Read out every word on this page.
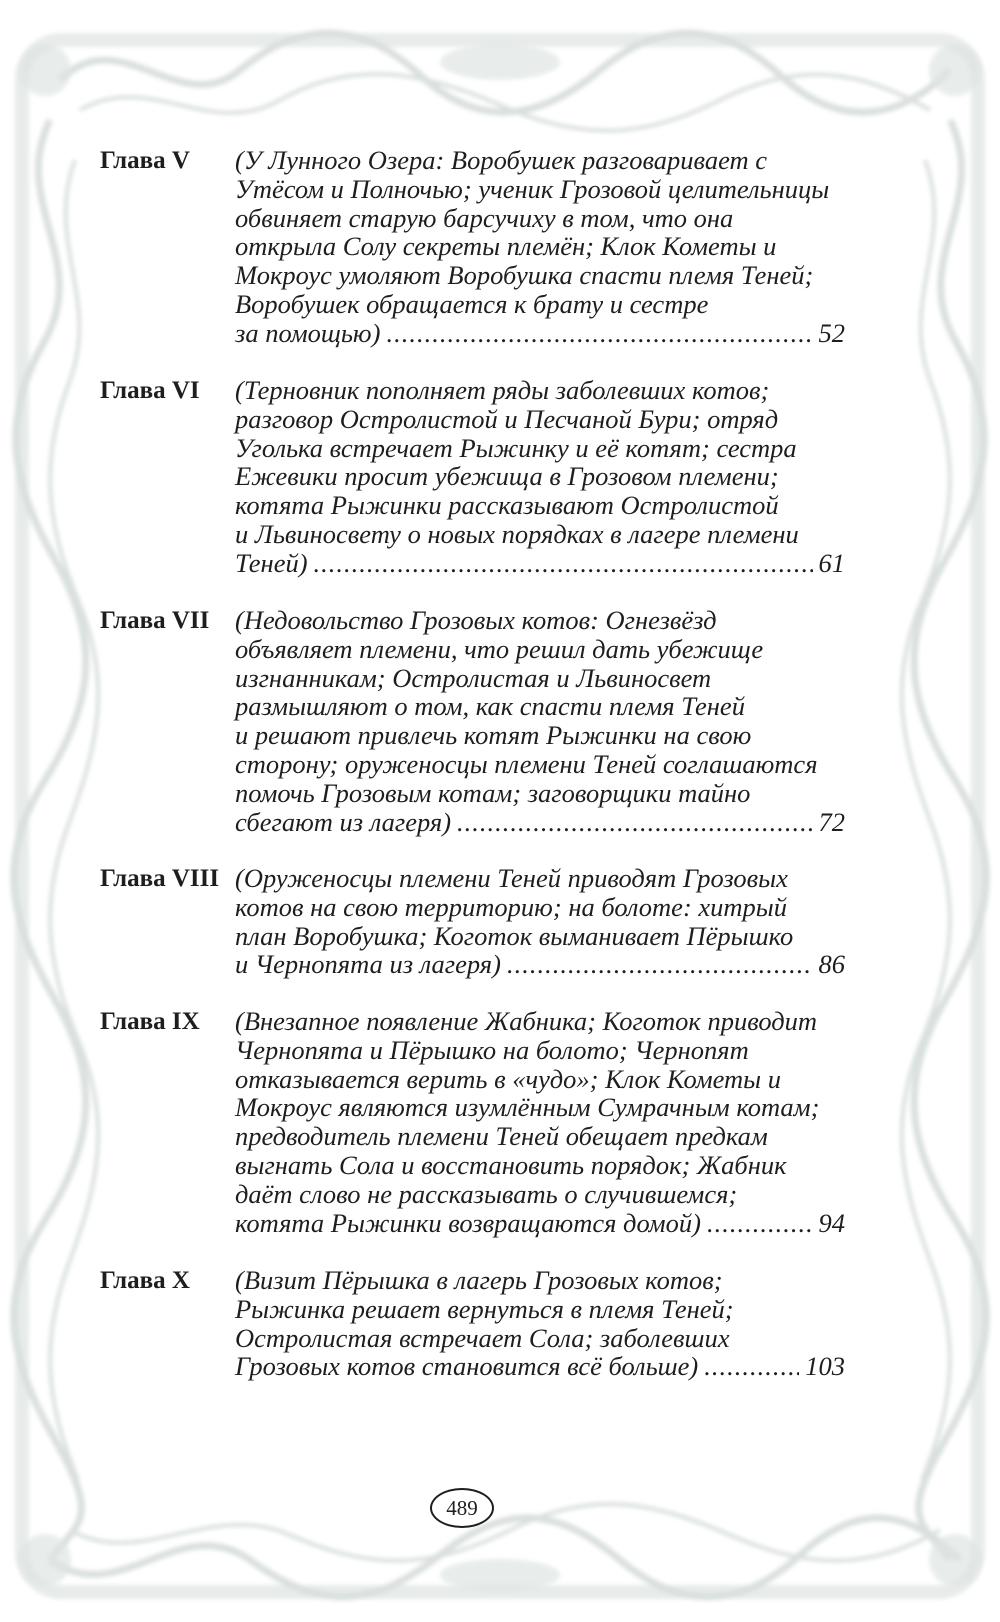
Глава V (У Лунного Озера: Воробушек разговаривает с
Утёсом и Полночью; ученик Грозовой целительницы
обвиняет старую барсучиху в том, что она
открыла Солу секреты племён; Клок Кометы и
Мокроус умоляют Воробушка спасти племя Теней;
Воробушек обращается к брату и сестре
за помощью) .....	52
Глава VI (Терновник пополняет ряды заболевших котов;
разговор Остролистой и Песчаной Бури; отряд
Уголька встречает Рыжинку и её котят; сестра
Ежевики просит убежища в Грозовом племени;
котята Рыжинки рассказывают Остролистой
и Львиносвету о новых порядках в лагере племени
Теней) .....	61
Глава VII (Недовольство Грозовых котов: Огнезвёзд
объявляет племени, что решил дать убежище
изгнанникам; Остролистая и Львиносвет
размышляют о том, как спасти племя Теней
и решают привлечь котят Рыжинки на свою
сторону; оруженосцы племени Теней соглашаются
помочь Грозовым котам; заговорщики тайно
сбегают из лагеря) .....	72
Глава VIII (Оруженосцы племени Теней приводят Грозовых
котов на свою территорию; на болоте: хитрый
план Воробушка; Коготок выманивает Пёрышко
и Чернопята из лагеря) .....	86
Глава IX (Внезапное появление Жабника; Коготок приводит
Чернопята и Пёрышко на болото; Чернопят
отказывается верить в «чудо»; Клок Кометы и
Мокроус являются изумлённым Сумрачным котам;
предводитель племени Теней обещает предкам
выгнать Сола и восстановить порядок; Жабник
даёт слово не рассказывать о случившемся;
котята Рыжинки возвращаются домой) .....	94
Глава X (Визит Пёрышка в лагерь Грозовых котов;
Рыжинка решает вернуться в племя Теней;
Остролистая встречает Сола; заболевших
Грозовых котов становится всё больше) .....	103
489
